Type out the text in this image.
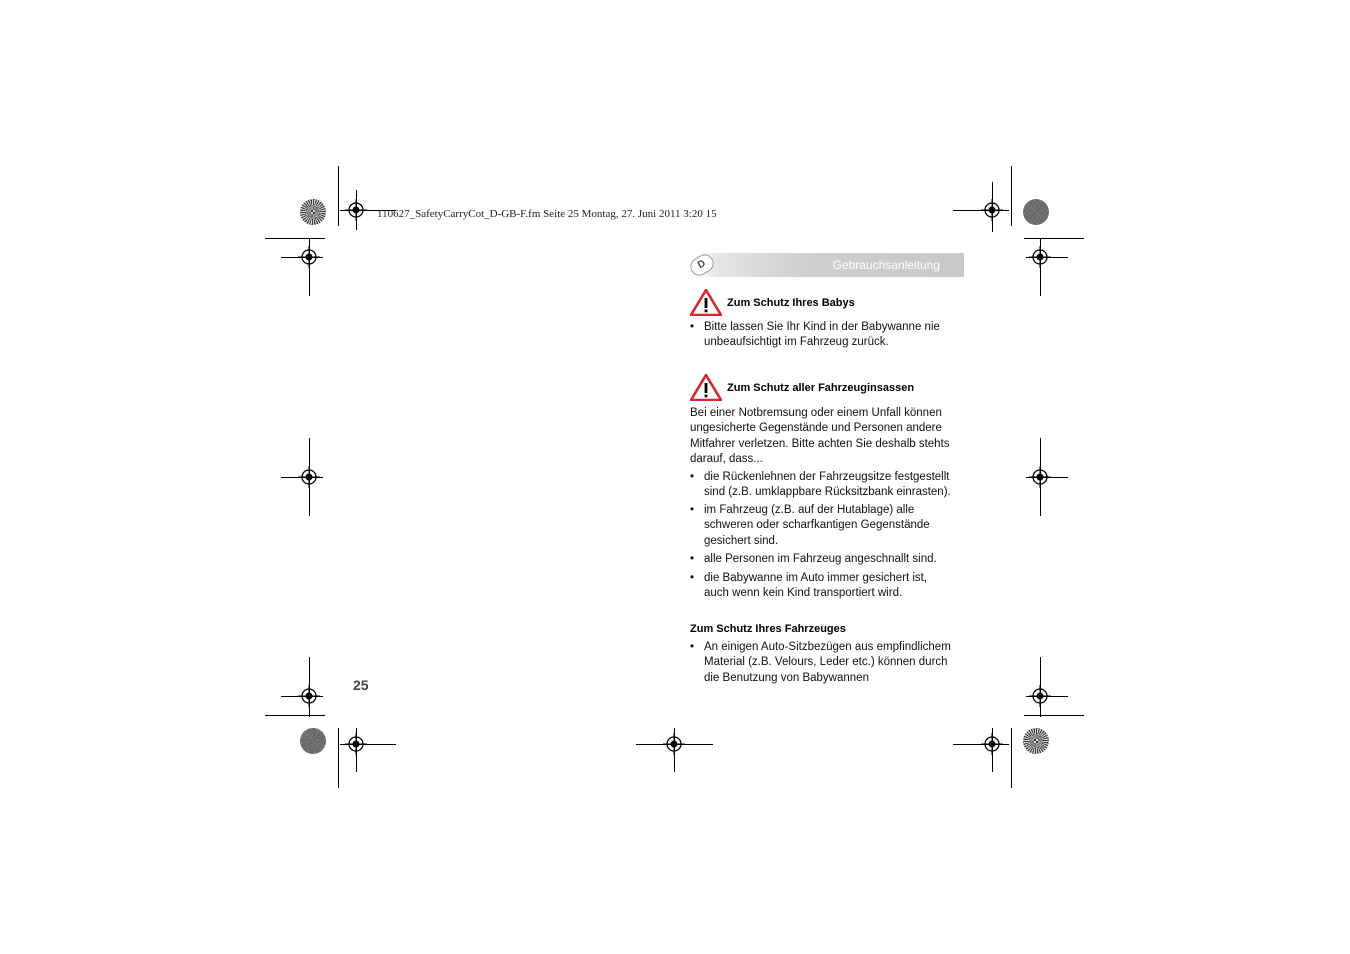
110627_SafetyCarryCot_D-GB-F.fm Seite 25 Montag, 27. Juni 2011 3:20 15
D	Gebrauchsanleitung
Zum Schutz Ihres Babys
• Bitte lassen Sie Ihr Kind in der Babywanne nie
unbeaufsichtigt im Fahrzeug zurück.
Zum Schutz aller Fahrzeuginsassen
Bei einer Notbremsung oder einem Unfall können
ungesicherte Gegenstände und Personen andere
Mitfahrer verletzen. Bitte achten Sie deshalb stehts
darauf, dass...
• die Rückenlehnen der Fahrzeugsitze festgestellt
sind (z.B. umklappbare Rücksitzbank einrasten).
• im Fahrzeug (z.B. auf der Hutablage) alle
schweren oder scharfkantigen Gegenstände
gesichert sind.
• alle Personen im Fahrzeug angeschnallt sind.
• die Babywanne im Auto immer gesichert ist,
auch wenn kein Kind transportiert wird.
Zum Schutz Ihres Fahrzeuges
• An einigen Auto-Sitzbezügen aus empfindlichem
Material (z.B. Velours, Leder etc.) können durch
die Benutzung von Babywannen
25
